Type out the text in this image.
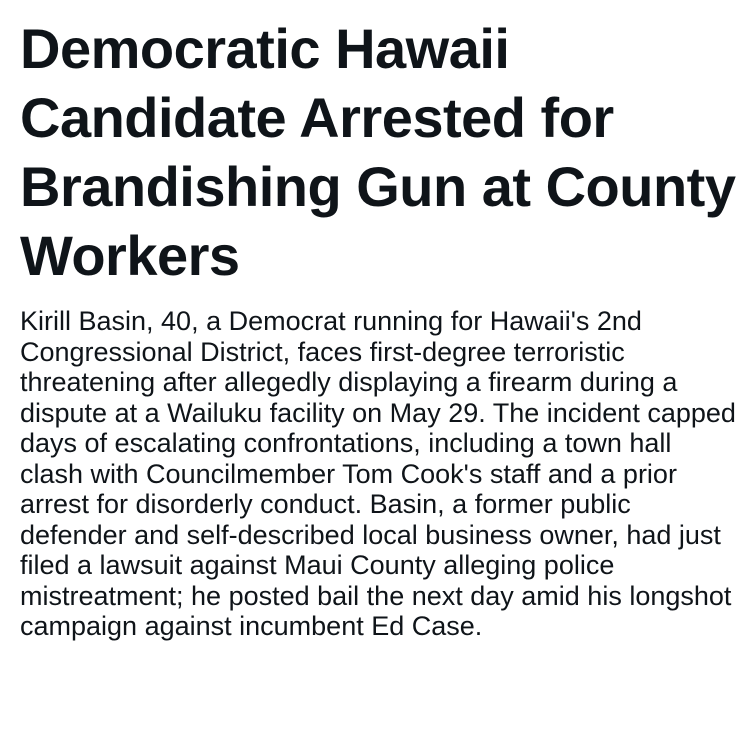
Democratic Hawaii Candidate Arrested for Brandishing Gun at County Workers

Kirill Basin, 40, a Democrat running for Hawaii's 2nd Congressional District, faces first-degree terroristic threatening after allegedly displaying a firearm during a dispute at a Wailuku facility on May 29. The incident capped days of escalating confrontations, including a town hall clash with Councilmember Tom Cook's staff and a prior arrest for disorderly conduct. Basin, a former public defender and self-described local business owner, had just filed a lawsuit against Maui County alleging police mistreatment; he posted bail the next day amid his longshot campaign against incumbent Ed Case.
